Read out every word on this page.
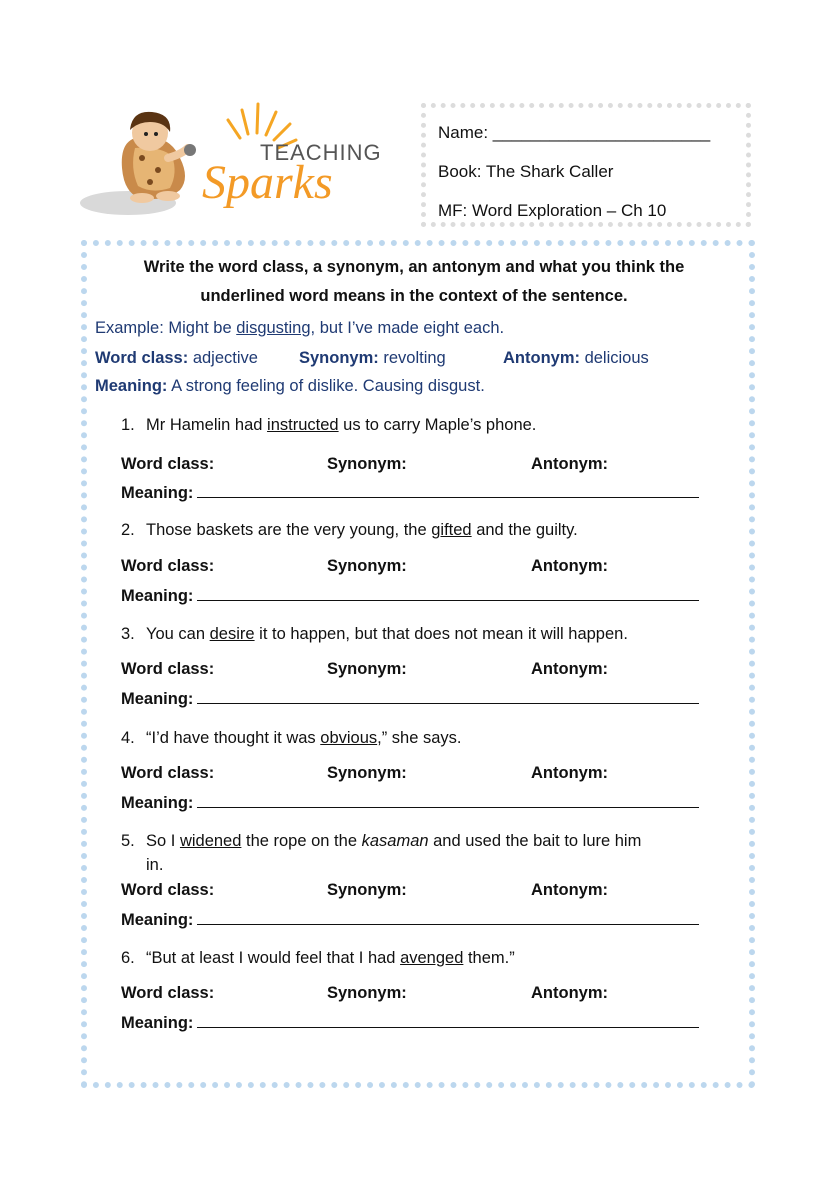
TEACHING
Sparks
Name: _______________________
Book: The Shark Caller
MF: Word Exploration – Ch 10
Write the word class, a synonym, an antonym and what you think the
underlined word means in the context of the sentence.
Example: Might be disgusting, but I’ve made eight each.
Word class: adjective Synonym: revolting	Antonym: delicious
Meaning: A strong feeling of dislike. Causing disgust.
1. Mr Hamelin had instructed us to carry Maple’s phone.
Word class:	Synonym:	Antonym:
Meaning:
2. Those baskets are the very young, the gifted and the guilty.
Word class:	Synonym:	Antonym:
Meaning:
3. You can desire it to happen, but that does not mean it will happen.
Word class:	Synonym:	Antonym:
Meaning:
4. “I’d have thought it was obvious,” she says.
Word class:	Synonym:	Antonym:
Meaning:
5. So I widened the rope on the kasaman and used the bait to lure him
in.
Word class:	Synonym:	Antonym:
Meaning:
6. “But at least I would feel that I had avenged them.”
Word class:	Synonym:	Antonym:
Meaning:
